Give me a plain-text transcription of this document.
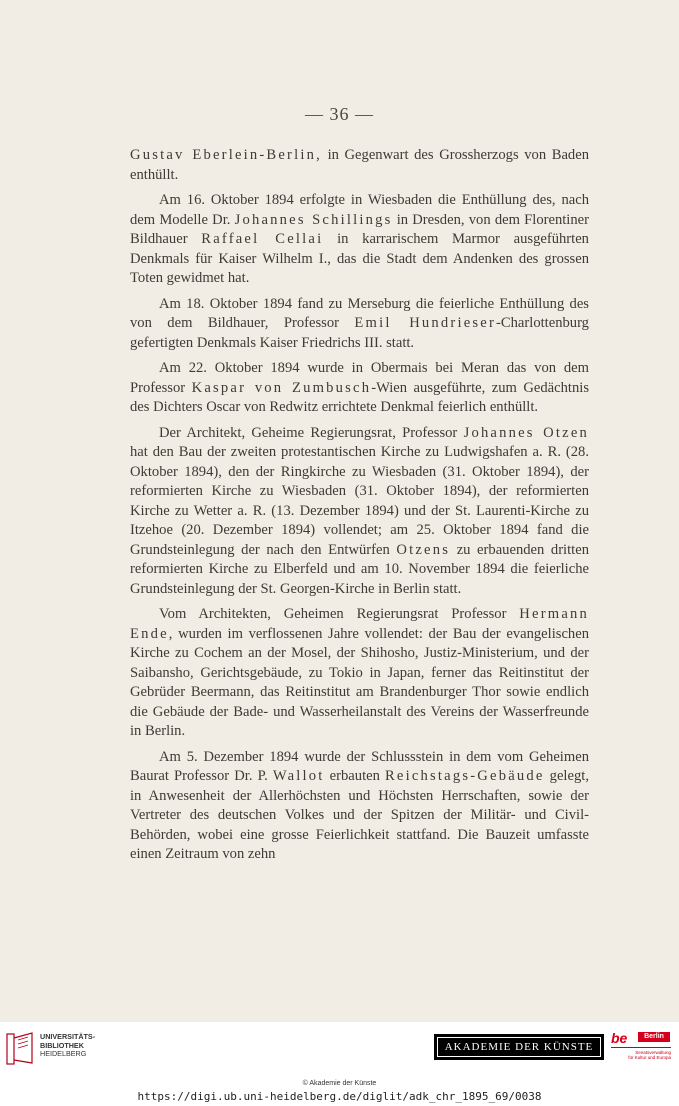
— 36 —

Gustav Eberlein-Berlin, in Gegenwart des Grossherzogs von Baden enthüllt.

Am 16. Oktober 1894 erfolgte in Wiesbaden die Enthüllung des, nach dem Modelle Dr. Johannes Schillings in Dresden, von dem Florentiner Bildhauer Raffael Cellai in karrarischem Marmor ausgeführten Denkmals für Kaiser Wilhelm I., das die Stadt dem Andenken des grossen Toten gewidmet hat.

Am 18. Oktober 1894 fand zu Merseburg die feierliche Enthüllung des von dem Bildhauer, Professor Emil Hundrieser-Charlottenburg gefertigten Denkmals Kaiser Friedrichs III. statt.

Am 22. Oktober 1894 wurde in Obermais bei Meran das von dem Professor Kaspar von Zumbusch-Wien ausgeführte, zum Gedächtnis des Dichters Oscar von Redwitz errichtete Denkmal feierlich enthüllt.

Der Architekt, Geheime Regierungsrat, Professor Johannes Otzen hat den Bau der zweiten protestantischen Kirche zu Ludwigshafen a. R. (28. Oktober 1894), den der Ringkirche zu Wiesbaden (31. Oktober 1894), der reformierten Kirche zu Wiesbaden (31. Oktober 1894), der reformierten Kirche zu Wetter a. R. (13. Dezember 1894) und der St. Laurenti-Kirche zu Itzehoe (20. Dezember 1894) vollendet; am 25. Oktober 1894 fand die Grundsteinlegung der nach den Entwürfen Otzens zu erbauenden dritten reformierten Kirche zu Elberfeld und am 10. November 1894 die feierliche Grundsteinlegung der St. Georgen-Kirche in Berlin statt.

Vom Architekten, Geheimen Regierungsrat Professor Hermann Ende, wurden im verflossenen Jahre vollendet: der Bau der evangelischen Kirche zu Cochem an der Mosel, der Shihosho, Justiz-Ministerium, und der Saibansho, Gerichtsgebäude, zu Tokio in Japan, ferner das Reitinstitut der Gebrüder Beermann, das Reitinstitut am Brandenburger Thor sowie endlich die Gebäude der Bade- und Wasserheilanstalt des Vereins der Wasserfreunde in Berlin.

Am 5. Dezember 1894 wurde der Schlussstein in dem vom Geheimen Baurat Professor Dr. P. Wallot erbauten Reichstags-Gebäude gelegt, in Anwesenheit der Allerhöchsten und Höchsten Herrschaften, sowie der Vertreter des deutschen Volkes und der Spitzen der Militär- und Civil-Behörden, wobei eine grosse Feierlichkeit stattfand. Die Bauzeit umfasste einen Zeitraum von zehn

UNIVERSITÄTS-
BIBLIOTHEK
HEIDELBERG
AKADEMIE DER KÜNSTE
be	Berlin
Senatsverwaltung
für Kultur und Europa
© Akademie der Künste
https://digi.ub.uni-heidelberg.de/diglit/adk_chr_1895_69/0038
